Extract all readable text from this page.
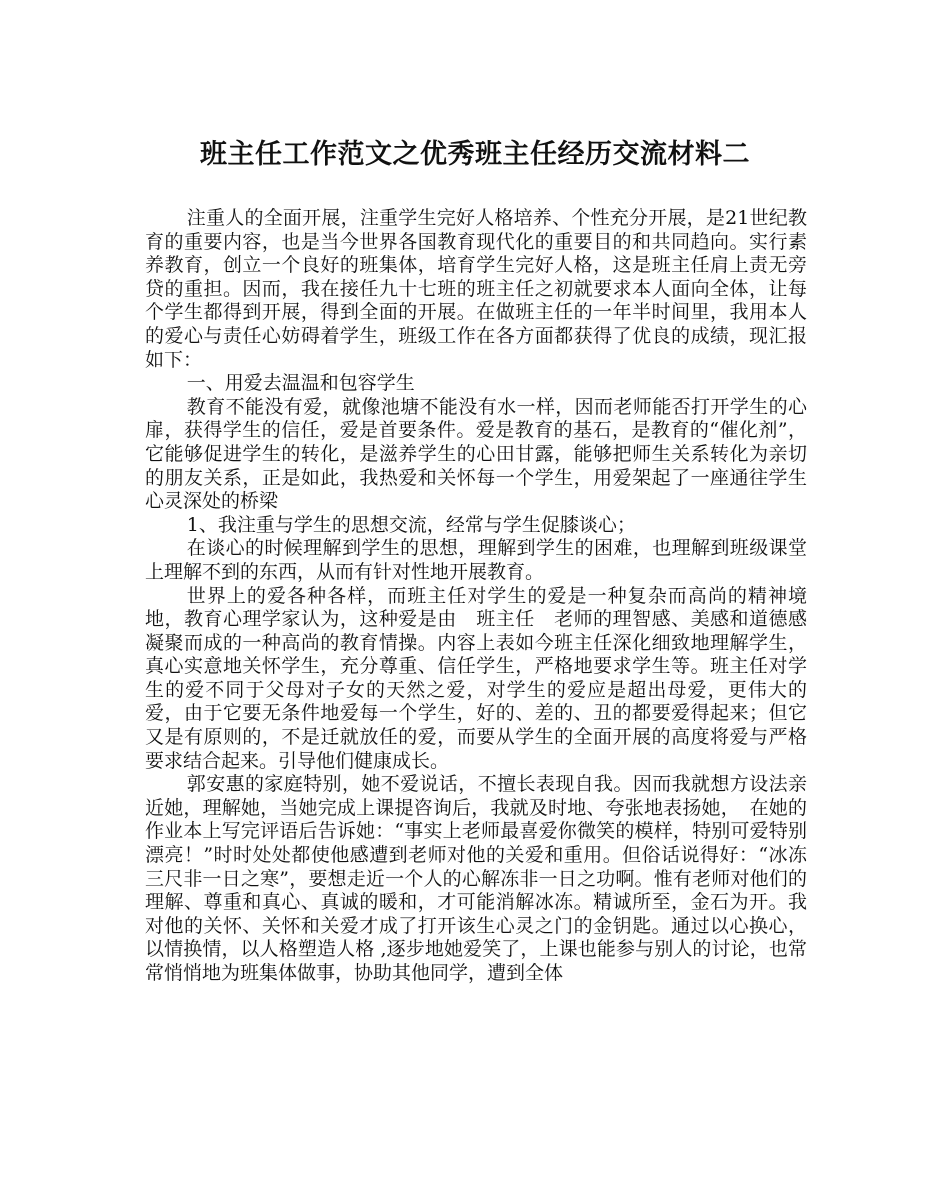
班主任工作范文之优秀班主任经历交流材料二

注重人的全面开展，注重学生完好人格培养、个性充分开展，是21世纪教育的重要内容，也是当今世界各国教育现代化的重要目的和共同趋向。实行素养教育，创立一个良好的班集体，培育学生完好人格，这是班主任肩上责无旁贷的重担。因而，我在接任九十七班的班主任之初就要求本人面向全体，让每个学生都得到开展，得到全面的开展。在做班主任的一年半时间里，我用本人的爱心与责任心妨碍着学生，班级工作在各方面都获得了优良的成绩，现汇报如下：

一、用爱去温温和包容学生

教育不能没有爱，就像池塘不能没有水一样，因而老师能否打开学生的心扉，获得学生的信任，爱是首要条件。爱是教育的基石，是教育的“催化剂”，它能够促进学生的转化，是滋养学生的心田甘露，能够把师生关系转化为亲切的朋友关系，正是如此，我热爱和关怀每一个学生，用爱架起了一座通往学生心灵深处的桥梁

1、我注重与学生的思想交流，经常与学生促膝谈心；

在谈心的时候理解到学生的思想，理解到学生的困难，也理解到班级课堂上理解不到的东西，从而有针对性地开展教育。

世界上的爱各种各样，而班主任对学生的爱是一种复杂而高尚的精神境地，教育心理学家认为，这种爱是由　班主任　老师的理智感、美感和道德感凝聚而成的一种高尚的教育情操。内容上表如今班主任深化细致地理解学生，真心实意地关怀学生，充分尊重、信任学生，严格地要求学生等。班主任对学生的爱不同于父母对子女的天然之爱，对学生的爱应是超出母爱，更伟大的爱，由于它要无条件地爱每一个学生，好的、差的、丑的都要爱得起来；但它又是有原则的，不是迁就放任的爱，而要从学生的全面开展的高度将爱与严格要求结合起来。引导他们健康成长。

郭安惠的家庭特别，她不爱说话，不擅长表现自我。因而我就想方设法亲近她，理解她，当她完成上课提咨询后，我就及时地、夸张地表扬她，　在她的作业本上写完评语后告诉她：“事实上老师最喜爱你微笑的模样，特别可爱特别漂亮！”时时处处都使他感遭到老师对他的关爱和重用。但俗话说得好：“冰冻三尺非一日之寒”，要想走近一个人的心解冻非一日之功啊。惟有老师对他们的理解、尊重和真心、真诚的暖和，才可能消解冰冻。精诚所至，金石为开。我对他的关怀、关怀和关爱才成了打开该生心灵之门的金钥匙。通过以心换心，以情换情，以人格塑造人格 ,逐步地她爱笑了，上课也能参与别人的讨论，也常常悄悄地为班集体做事，协助其他同学，遭到全体
